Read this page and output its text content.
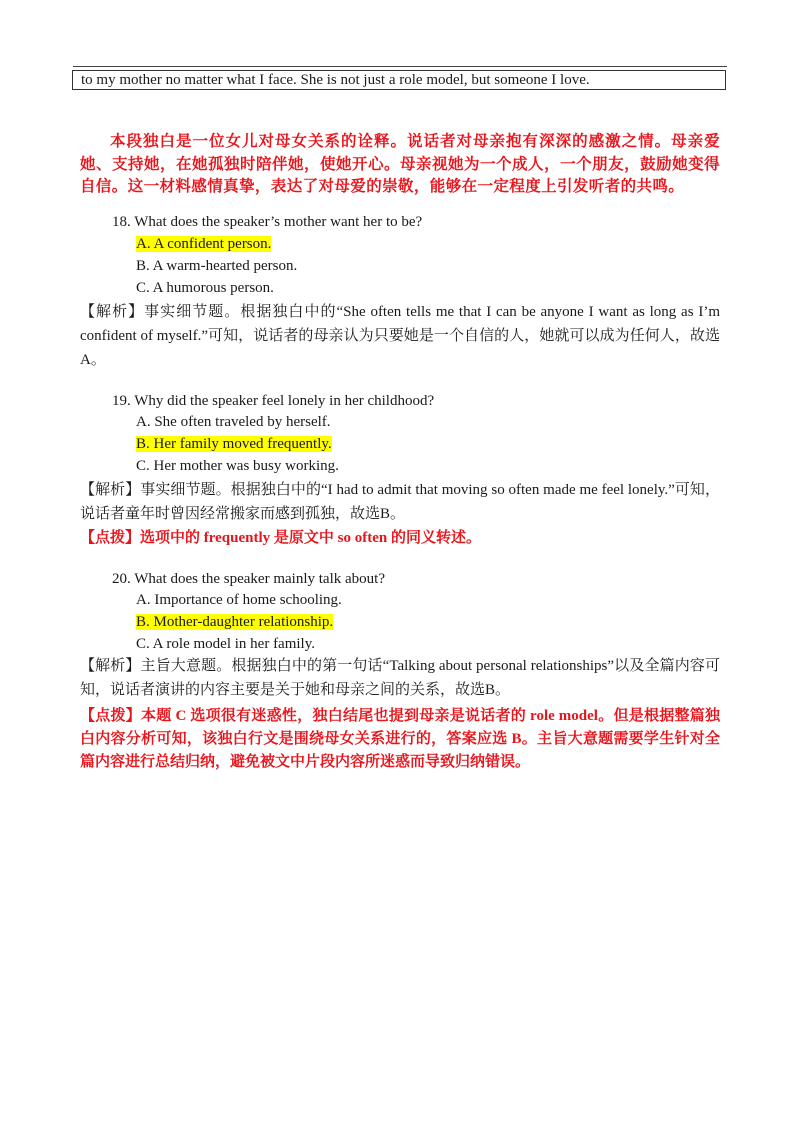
to my mother no matter what I face. She is not just a role model, but someone I love.
本段独白是一位女儿对母女关系的诠释。说话者对母亲抱有深深的感激之情。母亲爱她、支持她，在她孤独时陪伴她，使她开心。母亲视她为一个成人，一个朋友，鼓励她变得自信。这一材料感情真挚，表达了对母爱的崇敬，能够在一定程度上引发听者的共鸣。
18. What does the speaker’s mother want her to be?
A. A confident person.
B. A warm-hearted person.
C. A humorous person.
【解析】事实细节题。根据独白中的“She often tells me that I can be anyone I want as long as I’m confident of myself.”可知，说话者的母亲认为只要她是一个自信的人，她就可以成为任何人，故选A。
19. Why did the speaker feel lonely in her childhood?
A. She often traveled by herself.
B. Her family moved frequently.
C. Her mother was busy working.
【解析】事实细节题。根据独白中的“I had to admit that moving so often made me feel lonely.”可知，说话者童年时曾因经常搬家而感到孤独，故选B。
【点拨】选项中的 frequently 是原文中 so often 的同义转述。
20. What does the speaker mainly talk about?
A. Importance of home schooling.
B. Mother-daughter relationship.
C. A role model in her family.
【解析】主旨大意题。根据独白中的第一句话“Talking about personal relationships”以及全篇内容可知，说话者演讲的内容主要是关于她和母亲之间的关系，故选B。
【点拨】本题 C 选项很有迷惑性，独白结尾也提到母亲是说话者的 role model。但是根据整篇独白内容分析可知，该独白行文是围绕母女关系进行的，答案应选 B。主旨大意题需要学生针对全篇内容进行总结归纳，避免被文中片段内容所迷惑而导致归纳错误。
